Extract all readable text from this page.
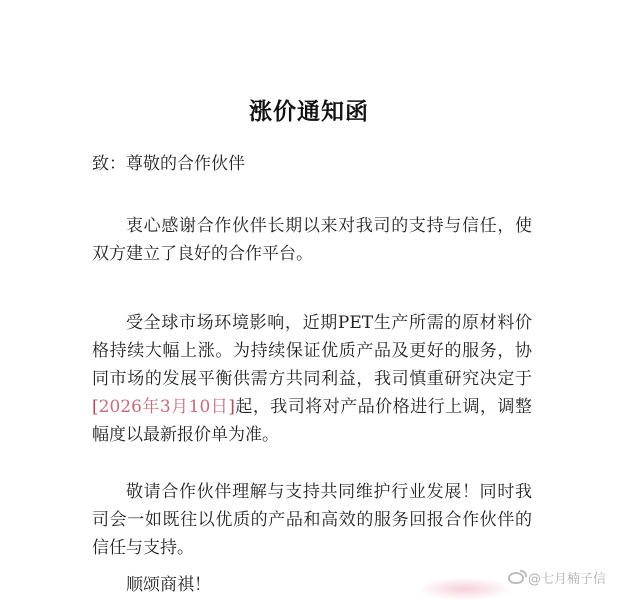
涨价通知函
致：尊敬的合作伙伴

衷心感谢合作伙伴长期以来对我司的支持与信任，使双方建立了良好的合作平台。

受全球市场环境影响，近期PET生产所需的原材料价格持续大幅上涨。为持续保证优质产品及更好的服务，协同市场的发展平衡供需方共同利益，我司慎重研究决定于[2026年3月10日]起，我司将对产品价格进行上调，调整幅度以最新报价单为准。

敬请合作伙伴理解与支持共同维护行业发展！同时我司会一如既往以优质的产品和高效的服务回报合作伙伴的信任与支持。

顺颂商祺！	@七月楠子信
